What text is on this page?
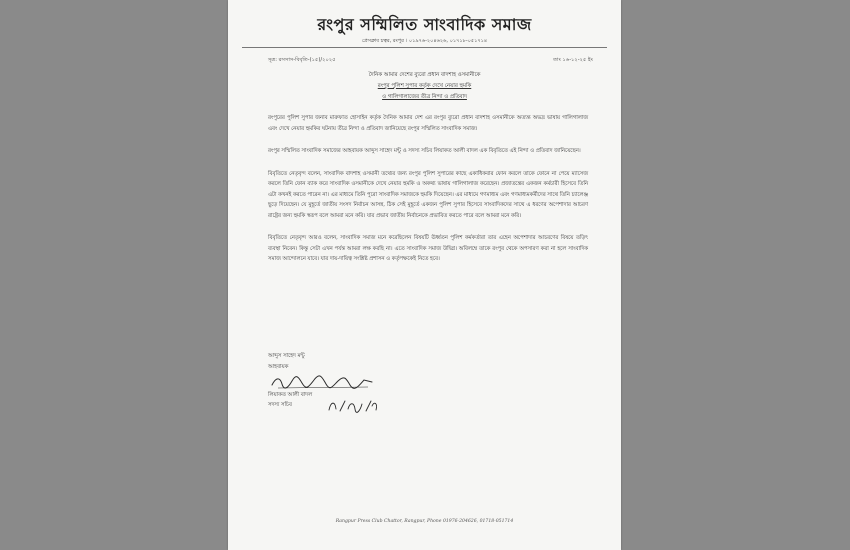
রংপুর সম্মিলিত সাংবাদিক সমাজ
প্রেসক্লাব চত্বর, রংপুর । ০১৯৭৬-২০৪৬২৬, ০১৭১৮-০৫১৭১৪
সূত্র: রসসাস-বিবৃতি-(১৫)/২০২৫	তাং ১৬-১২-২৫ ইং
দৈনিক আমার দেশের ব্যুরো প্রধান বাদশাহ ওসমানীকে
রংপুর পুলিশ সুপার কর্তৃক দেখে নেয়ার হুমকি
ও গালিগালাজের তীব্র নিন্দা ও প্রতিবাদ

রংপুরের পুলিশ সুপার জনাব মারুফাত হোসাইন কর্তৃক দৈনিক আমার দেশ এর রংপুর ব্যুরো প্রধান বাদশাহ ওসমানীকে অত্যন্ত অভদ্র ভাষায় গালিগালাজ এবং দেখে নেয়ার হুমকির ঘটনায় তীব্র নিন্দা ও প্রতিবাদ জানিয়েছে রংপুর সম্মিলিত সাংবাদিক সমাজ।

রংপুর সম্মিলিত সাংবাদিক সমাজের আহবায়ক আব্দুস সাহেদ মন্টু ও সদস্য সচিব লিয়াকত আলী বাদল এক বিবৃতিতে এই নিন্দা ও প্রতিবাদ জানিয়েছেন।

বিবৃতিতে নেতৃবৃন্দ বলেন, সাংবাদিক বাদশাহ ওসমানী তথ্যের জন্য রংপুর পুলিশ সুপারের কাছে একাধিকবার ফোন করলে তাকে ফোনে না পেয়ে ম্যাসেজ করলে তিনি ফোন ব্যাক করে সাংবাদিক ওসমানীকে দেখে নেয়ার হুমকি ও অকথ্য ভাষায় গালিগালাজ করেছেন। প্রজাতন্ত্রের একজন কর্মচারী হিসেবে তিনি এটা কখনই করতে পারেন না। এর মাধ্যমে তিনি পুরো সাংবাদিক সমাজকে হুমকি দিয়েছেন। এর মাধ্যমে গণমাধ্যম এবং গণমাধ্যমকর্মীদের সাথে তিনি চ্যালেঞ্জ ছুড়ে দিয়েছেন। যে মুহূর্তে জাতীয় সংসদ নির্বাচন আসন্ন, ঠিক সেই মুহূর্তে একজন পুলিশ সুপার হিসেবে সাংবাদিকদের সাথে এ ধরণের অপেশাদার আচরণ রাষ্ট্রের জন্য হুমকি স্বরূপ বলে আমরা মনে করি। যার প্রভাব জাতীয় নির্বাচনকে প্রভাবিত করতে পারে বলে আমরা মনে করি।

বিবৃতিতে নেতৃবৃন্দ আরও বলেন, সাংবাদিক সমাজ মনে করেছিলেন বিষয়টি ঊর্ধ্বতন পুলিশ কর্মকর্তারা তার এহেন অপেশাদার আচরণের বিষয়ে তড়িৎ ব্যবস্থা নিবেন। কিন্তু সেটা এখন পর্যন্ত আমরা লক্ষ করছি না। এতে সাংবাদিক সমাজ উদ্বিগ্ন। অবিলম্বে তাকে রংপুর থেকে অপসারণ করা না হলে সাংবাদিক সমাজ আন্দোলনে যাবে। যার দায়-দায়িত্ব সংশ্লিষ্ট প্রশাসন ও কর্তৃপক্ষকেই নিতে হবে।

আব্দুস সাহেদ মন্টু
আহবায়ক
লিয়াকত আলী বাদল
সদস্য সচিব
Rangpur Press Club Chattor, Rangpur, Phone 01976-204626, 01718-051714
